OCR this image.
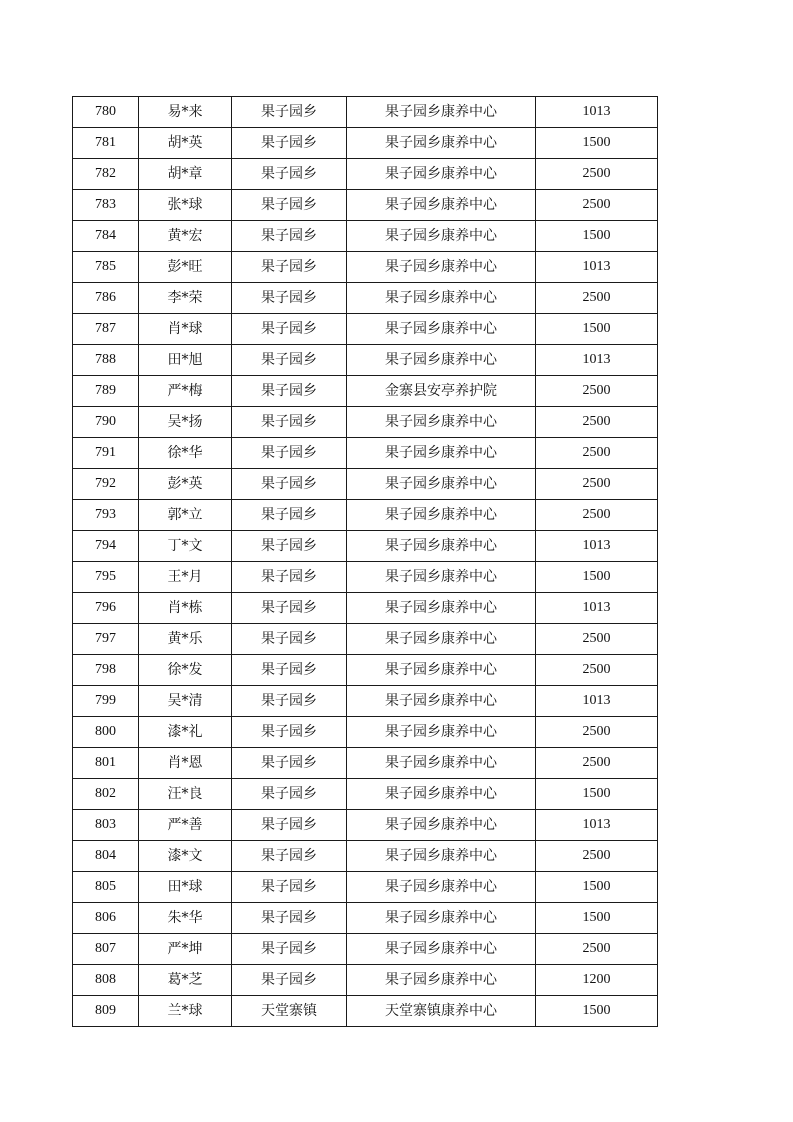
780	易*来	果子园乡	果子园乡康养中心	1013
781	胡*英	果子园乡	果子园乡康养中心	1500
782	胡*章	果子园乡	果子园乡康养中心	2500
783	张*球	果子园乡	果子园乡康养中心	2500
784	黄*宏	果子园乡	果子园乡康养中心	1500
785	彭*旺	果子园乡	果子园乡康养中心	1013
786	李*荣	果子园乡	果子园乡康养中心	2500
787	肖*球	果子园乡	果子园乡康养中心	1500
788	田*旭	果子园乡	果子园乡康养中心	1013
789	严*梅	果子园乡	金寨县安亭养护院	2500
790	吴*扬	果子园乡	果子园乡康养中心	2500
791	徐*华	果子园乡	果子园乡康养中心	2500
792	彭*英	果子园乡	果子园乡康养中心	2500
793	郭*立	果子园乡	果子园乡康养中心	2500
794	丁*文	果子园乡	果子园乡康养中心	1013
795	王*月	果子园乡	果子园乡康养中心	1500
796	肖*栋	果子园乡	果子园乡康养中心	1013
797	黄*乐	果子园乡	果子园乡康养中心	2500
798	徐*发	果子园乡	果子园乡康养中心	2500
799	吴*清	果子园乡	果子园乡康养中心	1013
800	漆*礼	果子园乡	果子园乡康养中心	2500
801	肖*恩	果子园乡	果子园乡康养中心	2500
802	汪*良	果子园乡	果子园乡康养中心	1500
803	严*善	果子园乡	果子园乡康养中心	1013
804	漆*文	果子园乡	果子园乡康养中心	2500
805	田*球	果子园乡	果子园乡康养中心	1500
806	朱*华	果子园乡	果子园乡康养中心	1500
807	严*坤	果子园乡	果子园乡康养中心	2500
808	葛*芝	果子园乡	果子园乡康养中心	1200
809	兰*球	天堂寨镇	天堂寨镇康养中心	1500
